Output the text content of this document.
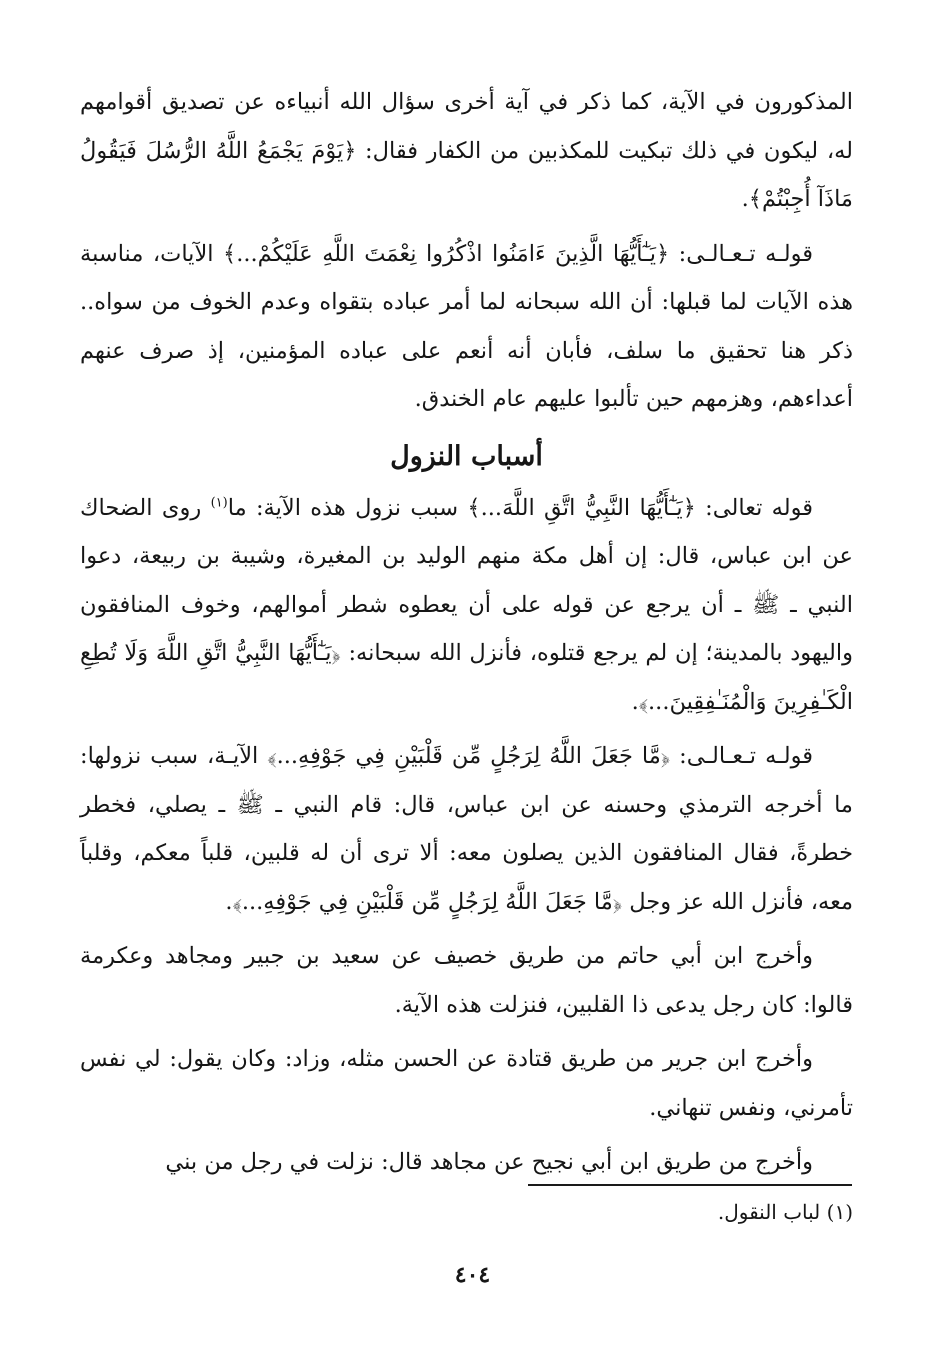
المذكورون في الآية، كما ذكر في آية أخرى سؤال الله أنبياءه عن تصديق أقوامهم له، ليكون في ذلك تبكيت للمكذبين من الكفار فقال: ﴿يَوْمَ يَجْمَعُ اللَّهُ الرُّسُلَ فَيَقُولُ مَاذَآ أُجِبْتُمْ﴾.

قولـه تـعـالـى: ﴿يَـٰٓأَيُّهَا الَّذِينَ ءَامَنُوا اذْكُرُوا نِعْمَتَ اللَّهِ عَلَيْكُمْ...﴾ الآيات، مناسبة هذه الآيات لما قبلها: أن الله سبحانه لما أمر عباده بتقواه وعدم الخوف من سواه.. ذكر هنا تحقيق ما سلف، فأبان أنه أنعم على عباده المؤمنين، إذ صرف عنهم أعداءهم، وهزمهم حين تألبوا عليهم عام الخندق.

أسباب النزول

قوله تعالى: ﴿يَـٰٓأَيُّهَا النَّبِيُّ اتَّقِ اللَّهَ...﴾ سبب نزول هذه الآية: ما$^{(١)}$ روى الضحاك عن ابن عباس، قال: إن أهل مكة منهم الوليد بن المغيرة، وشيبة بن ربيعة، دعوا النبي ـ ﷺ ـ أن يرجع عن قوله على أن يعطوه شطر أموالهم، وخوف المنافقون واليهود بالمدينة؛ إن لم يرجع قتلوه، فأنزل الله سبحانه: ﴿يَـٰٓأَيُّهَا النَّبِيُّ اتَّقِ اللَّهَ وَلَا تُطِعِ الْكَـٰفِرِينَ وَالْمُنَـٰفِقِينَ...﴾.

قولـه تـعـالـى: ﴿مَّا جَعَلَ اللَّهُ لِرَجُلٍ مِّن قَلْبَيْنِ فِي جَوْفِهِ...﴾ الآيـة، سبب نزولها: ما أخرجه الترمذي وحسنه عن ابن عباس، قال: قام النبي ـ ﷺ ـ يصلي، فخطر خطرةً، فقال المنافقون الذين يصلون معه: ألا ترى أن له قلبين، قلباً معكم، وقلباً معه، فأنزل الله عز وجل ﴿مَّا جَعَلَ اللَّهُ لِرَجُلٍ مِّن قَلْبَيْنِ فِي جَوْفِهِ...﴾.

وأخرج ابن أبي حاتم من طريق خصيف عن سعيد بن جبير ومجاهد وعكرمة قالوا: كان رجل يدعى ذا القلبين، فنزلت هذه الآية.

وأخرج ابن جرير من طريق قتادة عن الحسن مثله، وزاد: وكان يقول: لي نفس تأمرني، ونفس تنهاني.

وأخرج من طريق ابن أبي نجيح عن مجاهد قال: نزلت في رجل من بني

(١) لباب النقول.
٤٠٤
